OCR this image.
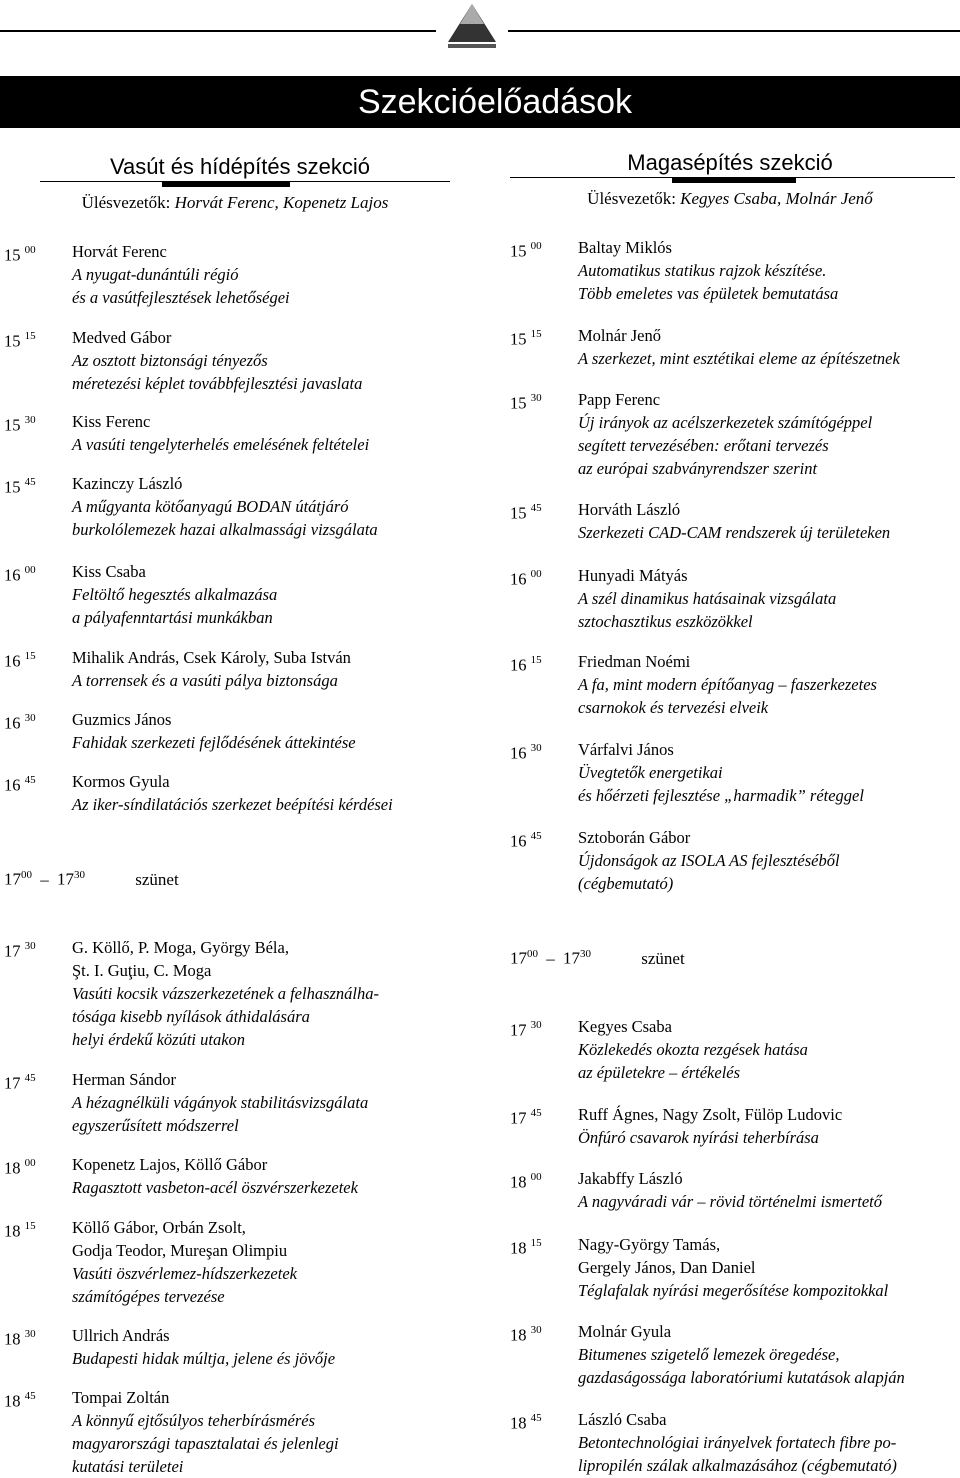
Szekcióelőadások
Vasút és hídépítés szekció
Ülésvezetők: Horvát Ferenc, Kopenetz Lajos
Magasépítés szekció
Ülésvezetők: Kegyes Csaba, Molnár Jenő
15 $^{00}$ Horvát Ferenc
A nyugat-dunántúli régió
és a vasútfejlesztések lehetőségei
15 $^{15}$ Medved Gábor
Az osztott biztonsági tényezős
méretezési képlet továbbfejlesztési javaslata
15 $^{30}$ Kiss Ferenc
A vasúti tengelyterhelés emelésének feltételei
15 $^{45}$ Kazinczy László
A műgyanta kötőanyagú BODAN útátjáró
burkolólemezek hazai alkalmassági vizsgálata
16 $^{00}$ Kiss Csaba
Feltöltő hegesztés alkalmazása
a pályafenntartási munkákban
16 $^{15}$ Mihalik András, Csek Károly, Suba István
A torrensek és a vasúti pálya biztonsága
16 $^{30}$ Guzmics János
Fahidak szerkezeti fejlődésének áttekintése
16 $^{45}$ Kormos Gyula
Az iker-síndilatációs szerkezet beépítési kérdései
17 $^{30}$ G. Köllő, P. Moga, György Béla,
Şt. I. Guţiu, C. Moga
Vasúti kocsik vázszerkezetének a felhasználha-
tósága kisebb nyílások áthidalására
helyi érdekű közúti utakon
17 $^{45}$ Herman Sándor
A hézagnélküli vágányok stabilitásvizsgálata
egyszerűsített módszerrel
18 $^{00}$ Kopenetz Lajos, Köllő Gábor
Ragasztott vasbeton-acél öszvérszerkezetek
18 $^{15}$ Köllő Gábor, Orbán Zsolt,
Godja Teodor, Mureşan Olimpiu
Vasúti öszvérlemez-hídszerkezetek
számítógépes tervezése
18 $^{30}$ Ullrich András
Budapesti hidak múltja, jelene és jövője
18 $^{45}$ Tompai Zoltán
A könnyű ejtősúlyos teherbírásmérés
magyarországi tapasztalatai és jelenlegi
kutatási területei
15 $^{00}$ Baltay Miklós
Automatikus statikus rajzok készítése.
Több emeletes vas épületek bemutatása
15 $^{15}$ Molnár Jenő
A szerkezet, mint esztétikai eleme az építészetnek
15 $^{30}$ Papp Ferenc
Új irányok az acélszerkezetek számítógéppel
segített tervezésében: erőtani tervezés
az európai szabványrendszer szerint
15 $^{45}$ Horváth László
Szerkezeti CAD-CAM rendszerek új területeken
16 $^{00}$ Hunyadi Mátyás
A szél dinamikus hatásainak vizsgálata
sztochasztikus eszközökkel
16 $^{15}$ Friedman Noémi
A fa, mint modern építőanyag – faszerkezetes
csarnokok és tervezési elveik
16 $^{30}$ Várfalvi János
Üvegtetők energetikai
és hőérzeti fejlesztése „harmadik” réteggel
16 $^{45}$ Sztoborán Gábor
Újdonságok az ISOLA AS fejlesztéséből
(cégbemutató)
17 $^{30}$ Kegyes Csaba
Közlekedés okozta rezgések hatása
az épületekre – értékelés
17 $^{45}$ Ruff Ágnes, Nagy Zsolt, Fülöp Ludovic
Önfúró csavarok nyírási teherbírása
18 $^{00}$ Jakabffy László
A nagyváradi vár – rövid történelmi ismertető
18 $^{15}$ Nagy-György Tamás,
Gergely János, Dan Daniel
Téglafalak nyírási megerősítése kompozitokkal
18 $^{30}$ Molnár Gyula
Bitumenes szigetelő lemezek öregedése,
gazdaságossága laboratóriumi kutatások alapján
18 $^{45}$ László Csaba
Betontechnológiai irányelvek fortatech fibre po-
lipropilén szálak alkalmazásához (cégbemutató)
$17^{00} - 17^{30}$	szünet
$17^{00} - 17^{30}$	szünet
